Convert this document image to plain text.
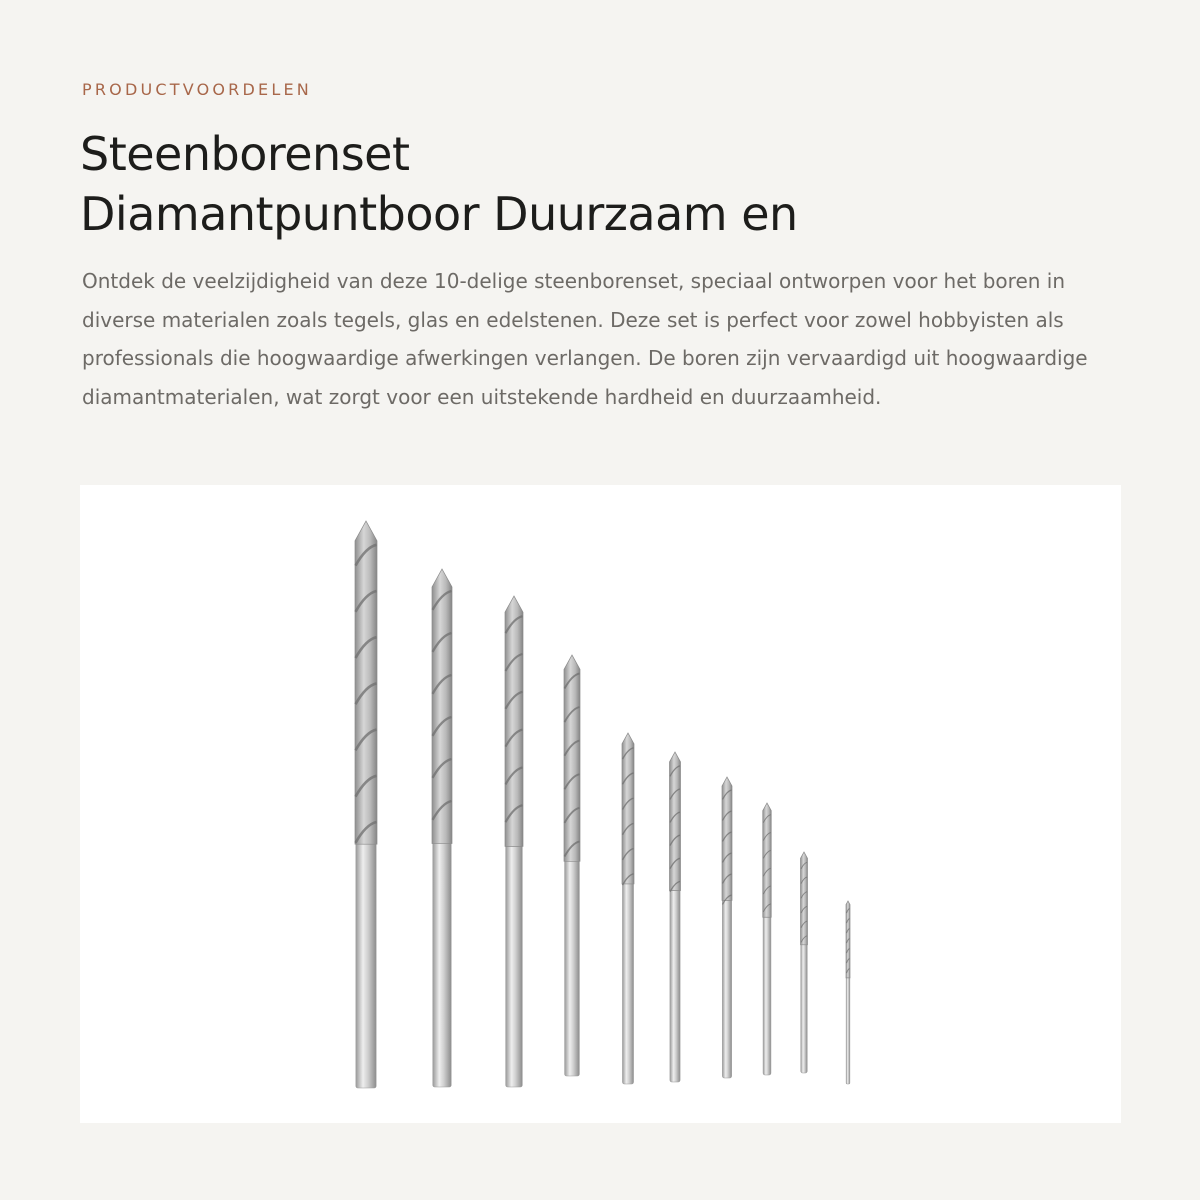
PRODUCTVOORDELEN
Steenborenset
Diamantpuntboor Duurzaam en

Ontdek de veelzijdigheid van deze 10-delige steenborenset, speciaal ontworpen voor het boren in diverse materialen zoals tegels, glas en edelstenen. Deze set is perfect voor zowel hobbyisten als professionals die hoogwaardige afwerkingen verlangen. De boren zijn vervaardigd uit hoogwaardige diamantmaterialen, wat zorgt voor een uitstekende hardheid en duurzaamheid.
